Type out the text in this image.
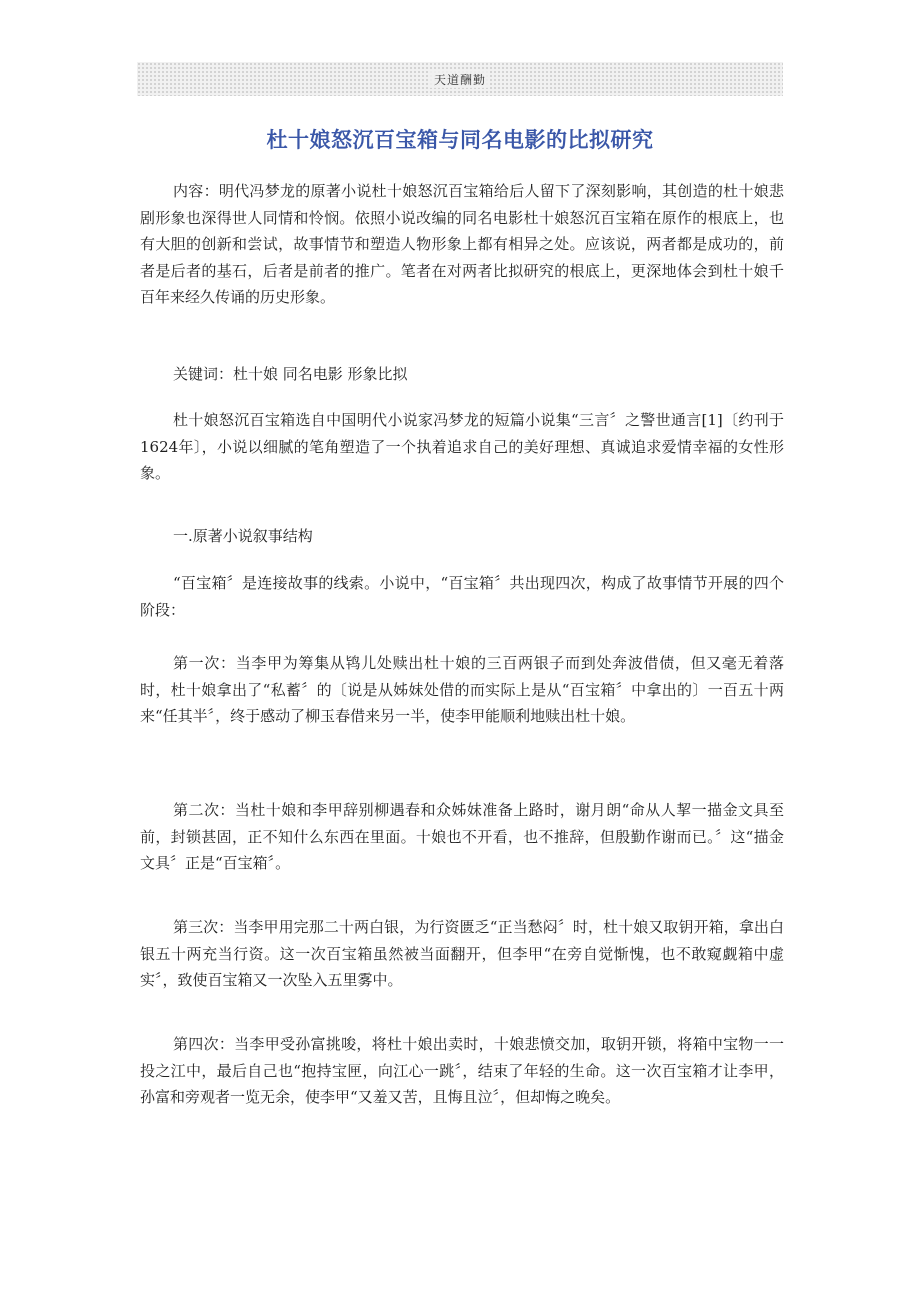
天道酬勤
杜十娘怒沉百宝箱与同名电影的比拟研究

内容：明代冯梦龙的原著小说杜十娘怒沉百宝箱给后人留下了深刻影响，其创造的杜十娘悲剧形象也深得世人同情和怜悯。依照小说改编的同名电影杜十娘怒沉百宝箱在原作的根底上，也有大胆的创新和尝试，故事情节和塑造人物形象上都有相异之处。应该说，两者都是成功的，前者是后者的基石，后者是前者的推广。笔者在对两者比拟研究的根底上，更深地体会到杜十娘千百年来经久传诵的历史形象。

关键词：杜十娘 同名电影 形象比拟

杜十娘怒沉百宝箱选自中国明代小说家冯梦龙的短篇小说集“三言〞之警世通言[1]〔约刊于1624年〕，小说以细腻的笔角塑造了一个执着追求自己的美好理想、真诚追求爱情幸福的女性形象。

一.原著小说叙事结构

“百宝箱〞是连接故事的线索。小说中，“百宝箱〞共出现四次，构成了故事情节开展的四个阶段：

第一次：当李甲为筹集从鸨儿处赎出杜十娘的三百两银子而到处奔波借债，但又毫无着落时，杜十娘拿出了“私蓄〞的〔说是从姊妹处借的而实际上是从“百宝箱〞中拿出的〕一百五十两来“任其半〞，终于感动了柳玉春借来另一半，使李甲能顺利地赎出杜十娘。

第二次：当杜十娘和李甲辞别柳遇春和众姊妹准备上路时，谢月朗“命从人挈一描金文具至前，封锁甚固，正不知什么东西在里面。十娘也不开看，也不推辞，但殷勤作谢而已。〞这“描金文具〞正是“百宝箱〞。

第三次：当李甲用完那二十两白银，为行资匮乏“正当愁闷〞时，杜十娘又取钥开箱，拿出白银五十两充当行资。这一次百宝箱虽然被当面翻开，但李甲“在旁自觉惭愧，也不敢窥觑箱中虚实〞，致使百宝箱又一次坠入五里雾中。

第四次：当李甲受孙富挑唆，将杜十娘出卖时，十娘悲愤交加，取钥开锁，将箱中宝物一一投之江中，最后自己也“抱持宝匣，向江心一跳〞，结束了年轻的生命。这一次百宝箱才让李甲，孙富和旁观者一览无余，使李甲“又羞又苦，且悔且泣〞，但却悔之晚矣。
